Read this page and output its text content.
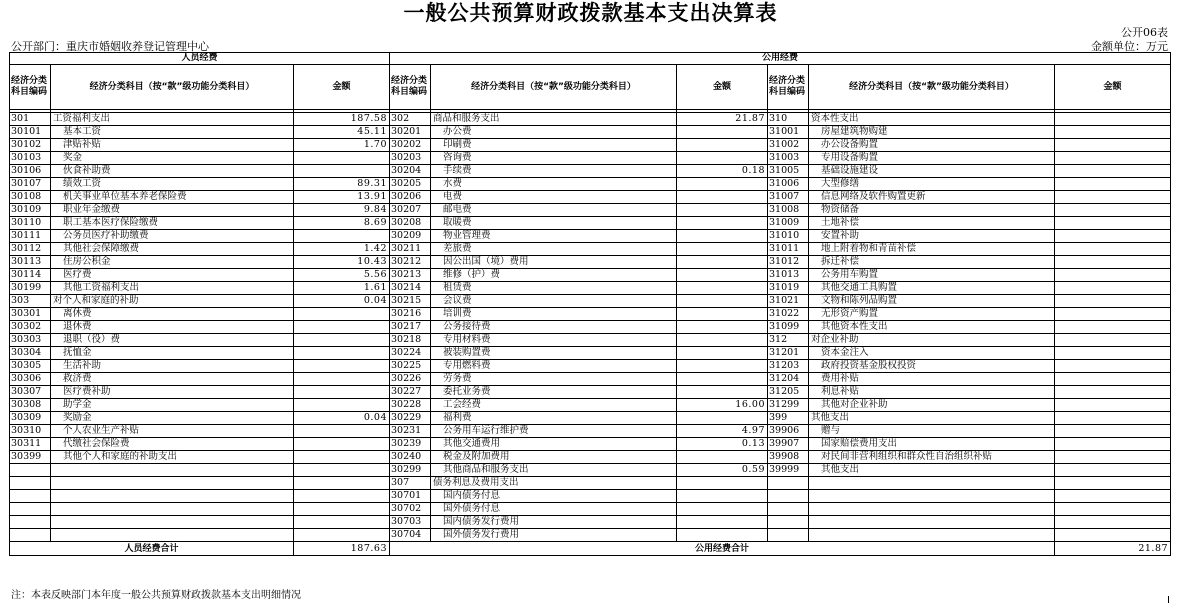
一般公共预算财政拨款基本支出决算表
公开06表
公开部门：重庆市婚姻收养登记管理中心	金额单位：万元
人员经费			公用经费					
经济分类科目编码	经济分类科目（按“款”级功能分类科目）	金额	经济分类科目编码	经济分类科目（按“款”级功能分类科目）	金额	经济分类科目编码	经济分类科目（按“款”级功能分类科目）	金额

301	工资福利支出	187.58	302	商品和服务支出	21.87	310	资本性支出	
30101	基本工资	45.11	30201	办公费		31001	房屋建筑物购建	
30102	津贴补贴	1.70	30202	印刷费		31002	办公设备购置	
30103	奖金		30203	咨询费		31003	专用设备购置	
30106	伙食补助费		30204	手续费	0.18	31005	基础设施建设	
30107	绩效工资	89.31	30205	水费		31006	大型修缮	
30108	机关事业单位基本养老保险费	13.91	30206	电费		31007	信息网络及软件购置更新	
30109	职业年金缴费	9.84	30207	邮电费		31008	物资储备	
30110	职工基本医疗保险缴费	8.69	30208	取暖费		31009	土地补偿	
30111	公务员医疗补助缴费		30209	物业管理费		31010	安置补助	
30112	其他社会保障缴费	1.42	30211	差旅费		31011	地上附着物和青苗补偿	
30113	住房公积金	10.43	30212	因公出国（境）费用		31012	拆迁补偿	
30114	医疗费	5.56	30213	维修（护）费		31013	公务用车购置	
30199	其他工资福利支出	1.61	30214	租赁费		31019	其他交通工具购置	
303	对个人和家庭的补助	0.04	30215	会议费		31021	文物和陈列品购置	
30301	离休费		30216	培训费		31022	无形资产购置	
30302	退休费		30217	公务接待费		31099	其他资本性支出	
30303	退职（役）费		30218	专用材料费		312	对企业补助	
30304	抚恤金		30224	被装购置费		31201	资本金注入	
30305	生活补助		30225	专用燃料费		31203	政府投资基金股权投资	
30306	救济费		30226	劳务费		31204	费用补贴	
30307	医疗费补助		30227	委托业务费		31205	利息补贴	
30308	助学金		30228	工会经费	16.00	31299	其他对企业补助	
30309	奖励金	0.04	30229	福利费		399	其他支出	
30310	个人农业生产补贴		30231	公务用车运行维护费	4.97	39906	赠与	
30311	代缴社会保险费		30239	其他交通费用	0.13	39907	国家赔偿费用支出	
30399	其他个人和家庭的补助支出		30240	税金及附加费用		39908	对民间非营利组织和群众性自治组织补贴	
			30299	其他商品和服务支出	0.59	39999	其他支出	
			307	债务利息及费用支出				
			30701	国内债务付息				
			30702	国外债务付息				
			30703	国内债务发行费用				
			30704	国外债务发行费用				
人员经费合计		187.63	公用经费合计					21.87
注：本表反映部门本年度一般公共预算财政拨款基本支出明细情况
